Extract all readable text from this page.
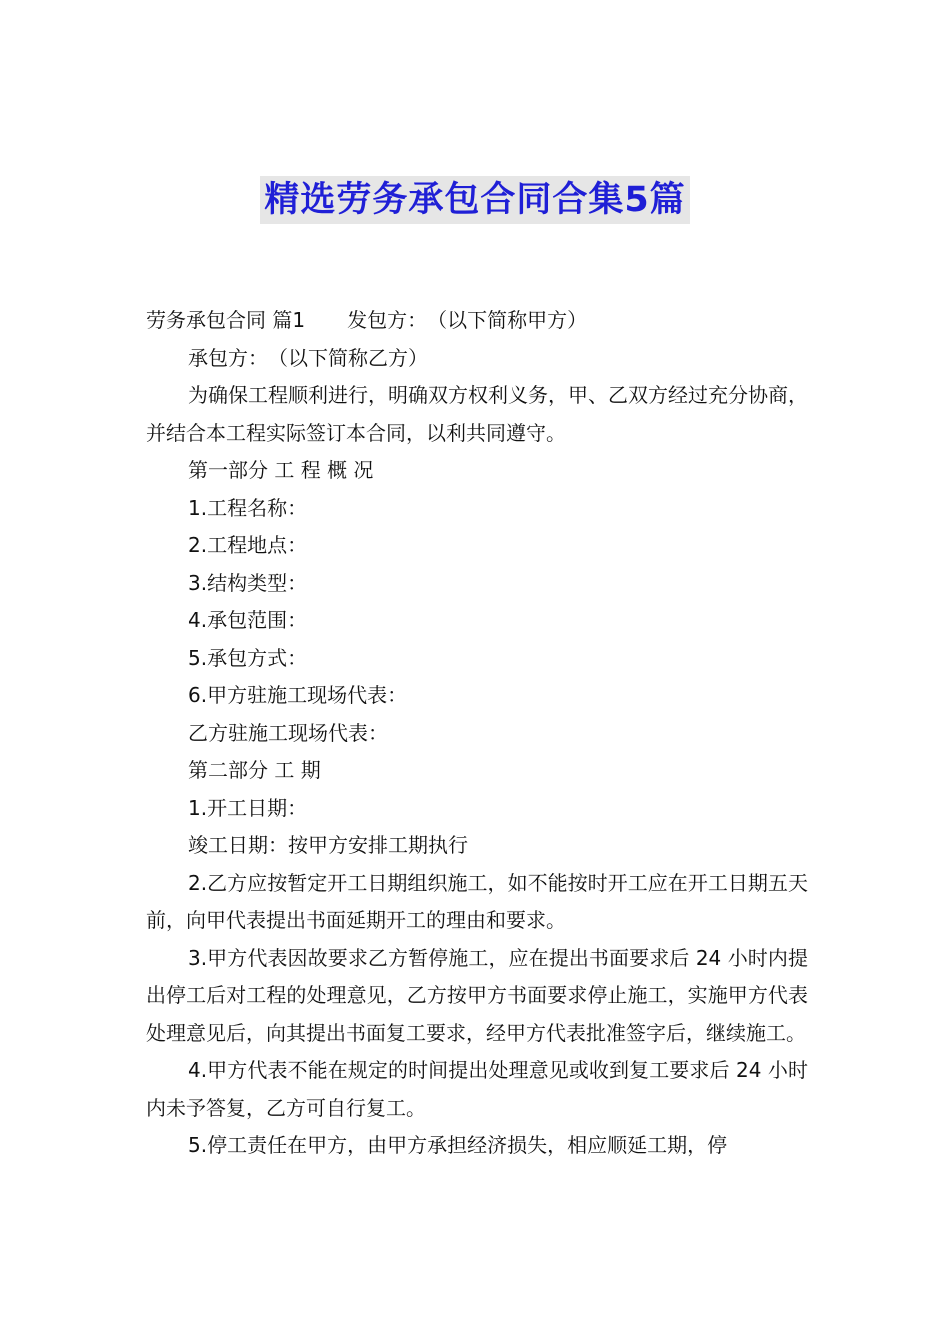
精选劳务承包合同合集5篇

劳务承包合同 篇1 发包方：　（以下简称甲方）

承包方：　（以下简称乙方）

为确保工程顺利进行，明确双方权利义务，甲、乙双方经过充分协商，并结合本工程实际签订本合同，以利共同遵守。

第一部分 工 程 概 况

1.工程名称：

2.工程地点：

3.结构类型：

4.承包范围：

5.承包方式：

6.甲方驻施工现场代表：

乙方驻施工现场代表：

第二部分 工 期

1.开工日期：

竣工日期：按甲方安排工期执行

2.乙方应按暂定开工日期组织施工，如不能按时开工应在开工日期五天前，向甲代表提出书面延期开工的理由和要求。

3.甲方代表因故要求乙方暂停施工，应在提出书面要求后 24 小时内提出停工后对工程的处理意见，乙方按甲方书面要求停止施工，实施甲方代表处理意见后，向其提出书面复工要求，经甲方代表批准签字后，继续施工。

4.甲方代表不能在规定的时间提出处理意见或收到复工要求后 24 小时内未予答复，乙方可自行复工。

5.停工责任在甲方，由甲方承担经济损失，相应顺延工期，停
